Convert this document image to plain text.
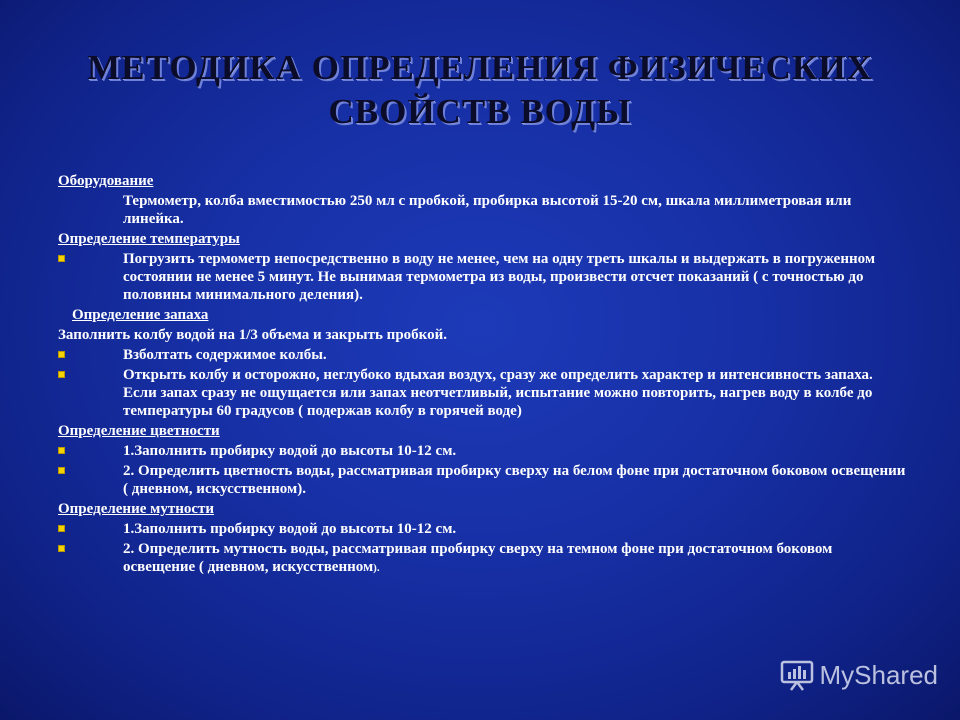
МЕТОДИКА ОПРЕДЕЛЕНИЯ ФИЗИЧЕСКИХ
СВОЙСТВ ВОДЫ

Оборудование

Термометр, колба вместимостью 250 мл с пробкой, пробирка высотой 15-20 см, шкала миллиметровая или линейка.

Определение температуры

Погрузить термометр непосредственно в воду не менее, чем на одну треть шкалы и выдержать в погруженном состоянии не менее 5 минут. Не вынимая термометра из воды, произвести отсчет показаний ( с точностью до половины минимального деления).

Определение запаха

Заполнить колбу водой на 1/3 объема и закрыть пробкой.

Взболтать содержимое колбы.
Открыть колбу и осторожно, неглубоко вдыхая воздух, сразу же определить характер и интенсивность запаха. Если запах сразу не ощущается или запах неотчетливый, испытание можно повторить, нагрев воду в колбе до температуры 60 градусов ( подержав колбу в горячей воде)

Определение цветности

1.Заполнить пробирку водой до высоты 10-12 см.
2. Определить цветность воды, рассматривая пробирку сверху на белом фоне при достаточном боковом освещении ( дневном, искусственном).

Определение мутности

1.Заполнить пробирку водой до высоты 10-12 см.
2. Определить мутность воды, рассматривая пробирку сверху на темном фоне при достаточном боковом освещение ( дневном, искусственном).
MyShared
